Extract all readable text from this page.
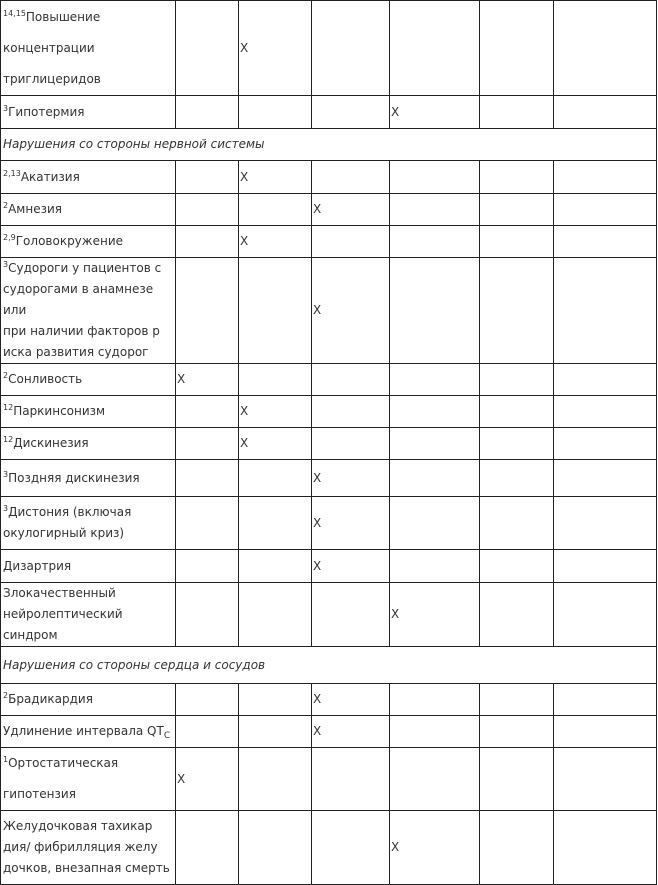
$^{14,15}$Повышение
концентрации
триглицеридов		X				
$^3$Гипотермия				X		
Нарушения со стороны нервной системы						
$^{2,13}$Акатизия		X				
$^2$Амнезия			X			
$^{2,9}$Головокружение		X				
$^3$Судороги у пациентов с
судорогами в анамнезе или
при наличии факторов р
иска развития судорог			X			
$^2$Сонливость	X					
$^{12}$Паркинсонизм		X				
$^{12}$Дискинезия		X				
$^3$Поздняя дискинезия			X			
$^3$Дистония (включая
окулогирный криз)			X			
Дизартрия			X			
Злокачественный
нейролептический синдром				X		
Нарушения со стороны сердца и сосудов						
$^2$Брадикардия			X			
Удлинение интервала $QT_C$			X			
$^1$Ортостатическая
гипотензия	X					
Желудочковая тахикар
дия/ фибрилляция желу
дочков, внезапная смерть				X		
